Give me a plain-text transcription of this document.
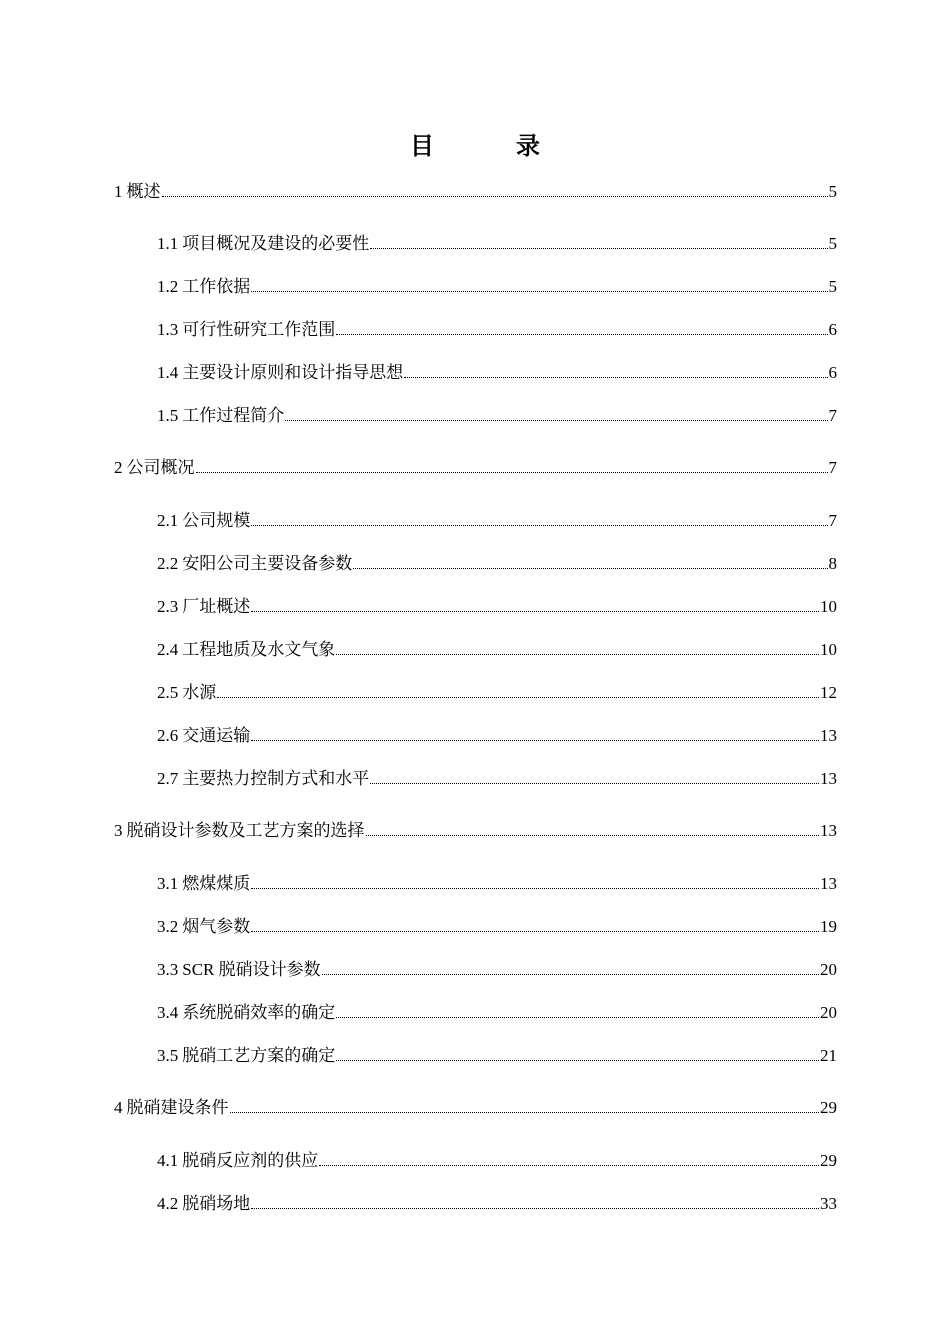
目 录
1 概述	5
1.1 项目概况及建设的必要性	5
1.2 工作依据	5
1.3 可行性研究工作范围	6
1.4 主要设计原则和设计指导思想	6
1.5 工作过程简介	7
2 公司概况	7
2.1 公司规模	7
2.2 安阳公司主要设备参数	8
2.3 厂址概述	10
2.4 工程地质及水文气象	10
2.5 水源	12
2.6 交通运输	13
2.7 主要热力控制方式和水平	13
3 脱硝设计参数及工艺方案的选择	13
3.1 燃煤煤质	13
3.2 烟气参数	19
3.3 SCR 脱硝设计参数	20
3.4 系统脱硝效率的确定	20
3.5 脱硝工艺方案的确定	21
4 脱硝建设条件	29
4.1 脱硝反应剂的供应	29
4.2 脱硝场地	33
